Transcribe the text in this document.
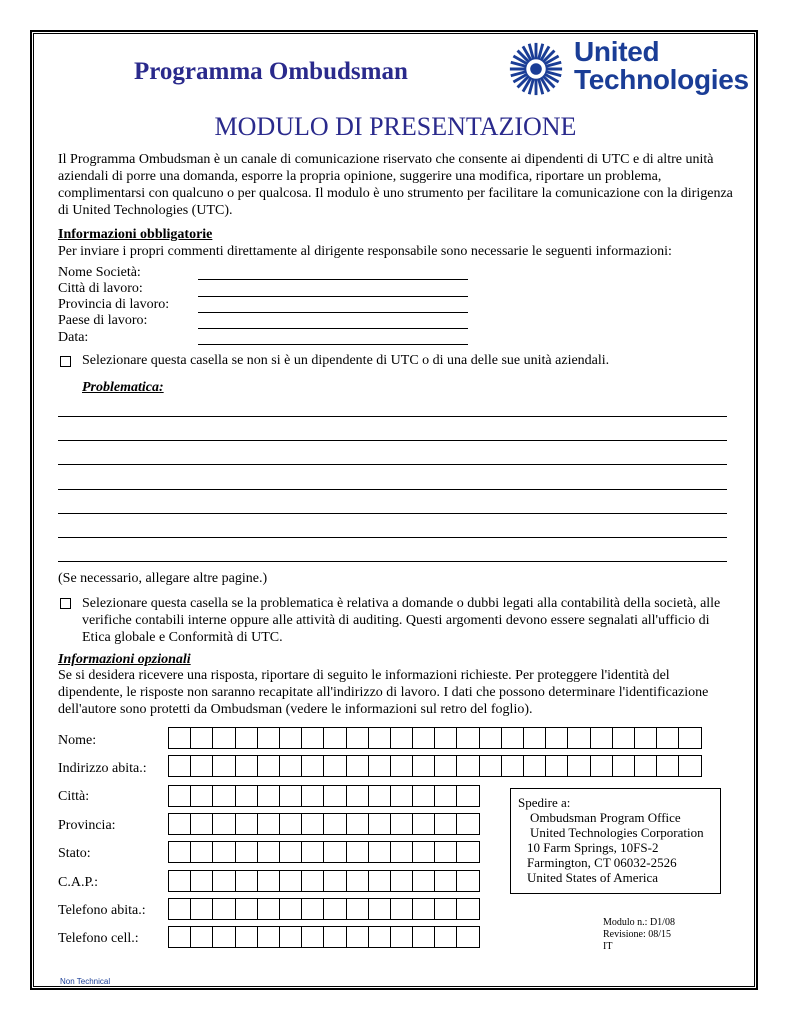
Programma Ombudsman
United
Technologies
MODULO DI PRESENTAZIONE
Il Programma Ombudsman è un canale di comunicazione riservato che consente ai dipendenti di UTC e di altre unità aziendali di porre una domanda, esporre la propria opinione, suggerire una modifica, riportare un problema, complimentarsi con qualcuno o per qualcosa. Il modulo è uno strumento per facilitare la comunicazione con la dirigenza di United Technologies (UTC).
Informazioni obbligatorie
Per inviare i propri commenti direttamente al dirigente responsabile sono necessarie le seguenti informazioni:
Nome Società:
Città di lavoro:
Provincia di lavoro:
Paese di lavoro:
Data:
Selezionare questa casella se non si è un dipendente di UTC o di una delle sue unità aziendali.
Problematica:
(Se necessario, allegare altre pagine.)
Selezionare questa casella se la problematica è relativa a domande o dubbi legati alla contabilità della società, alle verifiche contabili interne oppure alle attività di auditing. Questi argomenti devono essere segnalati all'ufficio di Etica globale e Conformità di UTC.
Informazioni opzionali
Se si desidera ricevere una risposta, riportare di seguito le informazioni richieste. Per proteggere l'identità del dipendente, le risposte non saranno recapitate all'indirizzo di lavoro. I dati che possono determinare l'identificazione dell'autore sono protetti da Ombudsman (vedere le informazioni sul retro del foglio).
Nome:
Indirizzo abita.:
Città:
Provincia:
Stato:
C.A.P.:
Telefono abita.:
Telefono cell.:
Spedire a:
Ombudsman Program Office
United Technologies Corporation
10 Farm Springs, 10FS-2
Farmington, CT 06032-2526
United States of America
Modulo n.: D1/08
Revisione: 08/15
IT
Non Technical
